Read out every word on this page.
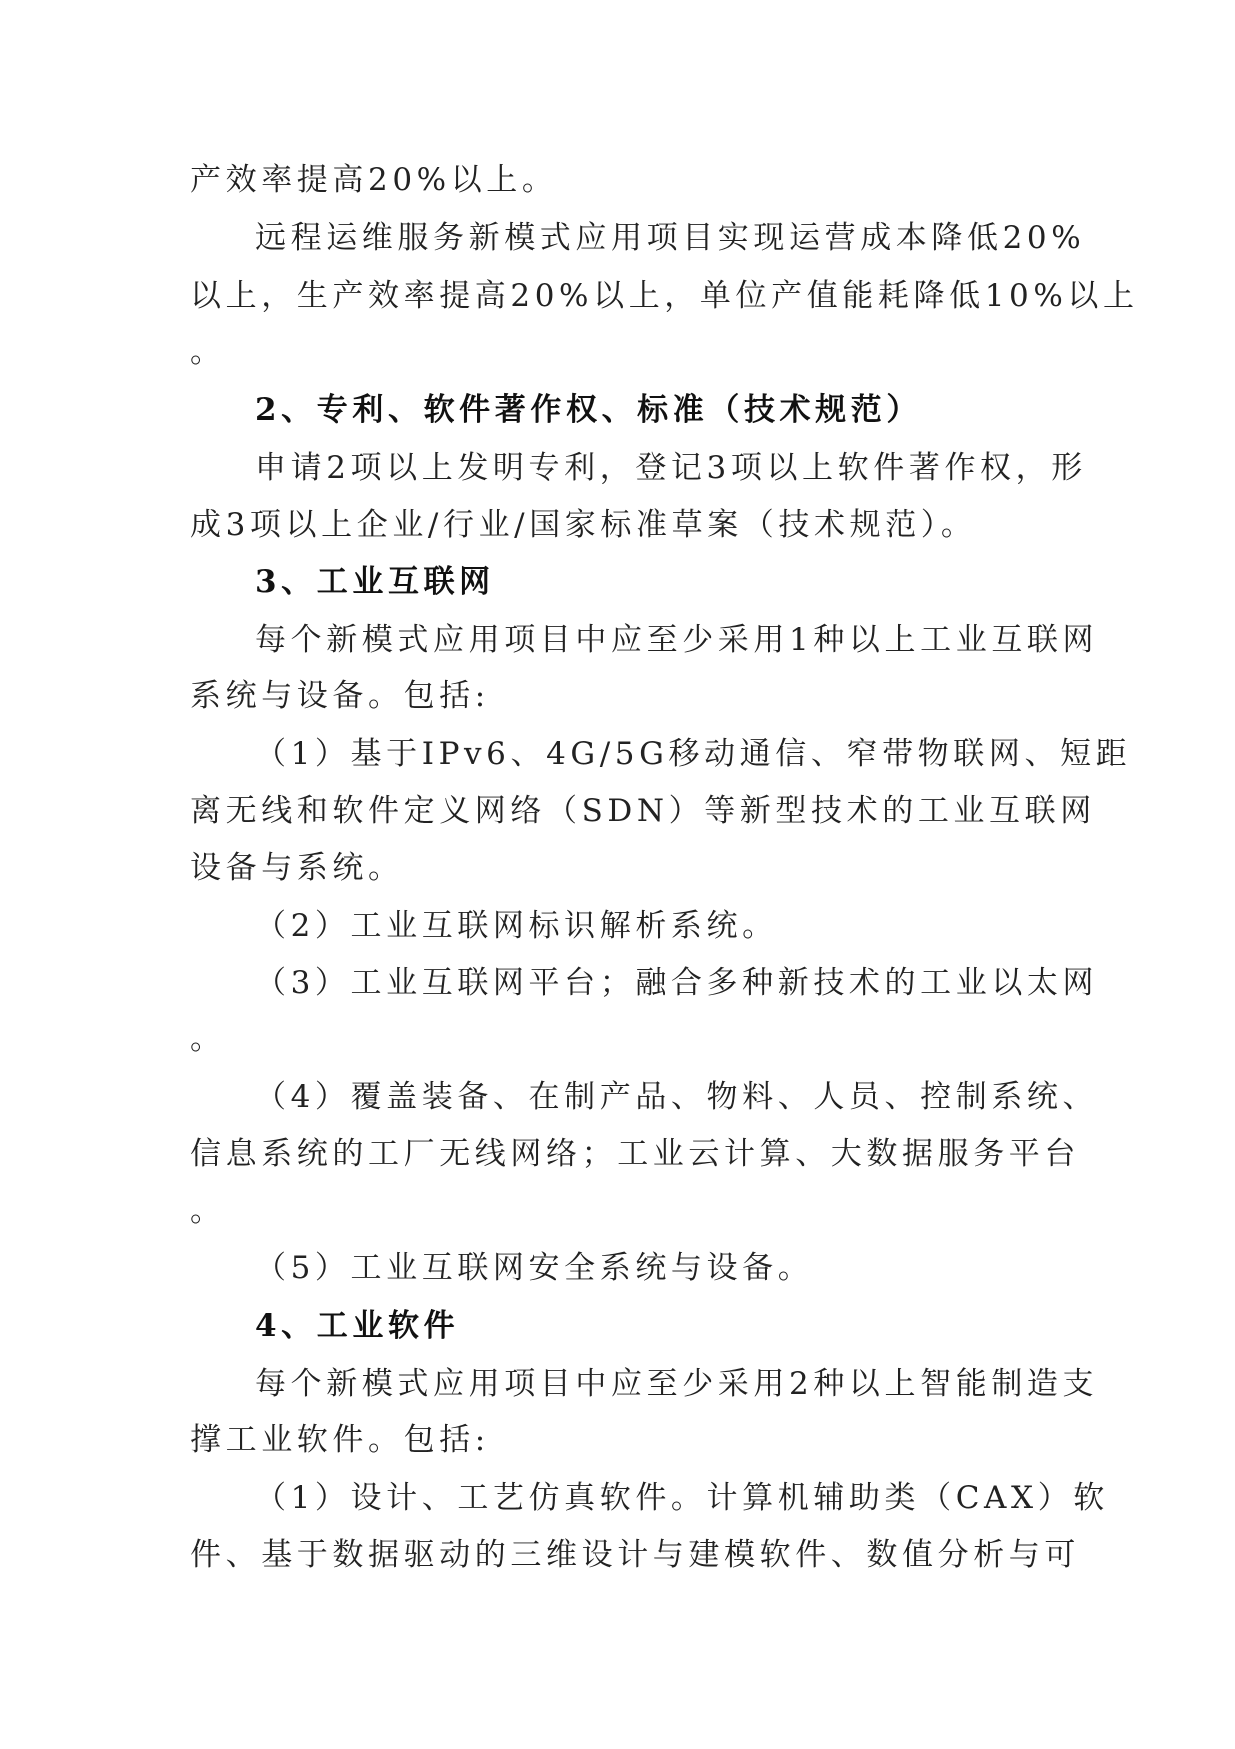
产效率提高20%以上。
远程运维服务新模式应用项目实现运营成本降低20%
以上，生产效率提高20%以上，单位产值能耗降低10%以上
。
2、专利、软件著作权、标准（技术规范）
申请2项以上发明专利，登记3项以上软件著作权，形
成3项以上企业/行业/国家标准草案（技术规范）。
3、工业互联网
每个新模式应用项目中应至少采用1种以上工业互联网
系统与设备。包括:
（1）基于IPv6、4G/5G移动通信、窄带物联网、短距
离无线和软件定义网络（SDN）等新型技术的工业互联网
设备与系统。
（2）工业互联网标识解析系统。
（3）工业互联网平台；融合多种新技术的工业以太网
。
（4）覆盖装备、在制产品、物料、人员、控制系统、
信息系统的工厂无线网络；工业云计算、大数据服务平台
。
（5）工业互联网安全系统与设备。
4、工业软件
每个新模式应用项目中应至少采用2种以上智能制造支
撑工业软件。包括:
（1）设计、工艺仿真软件。计算机辅助类（CAX）软
件、基于数据驱动的三维设计与建模软件、数值分析与可
